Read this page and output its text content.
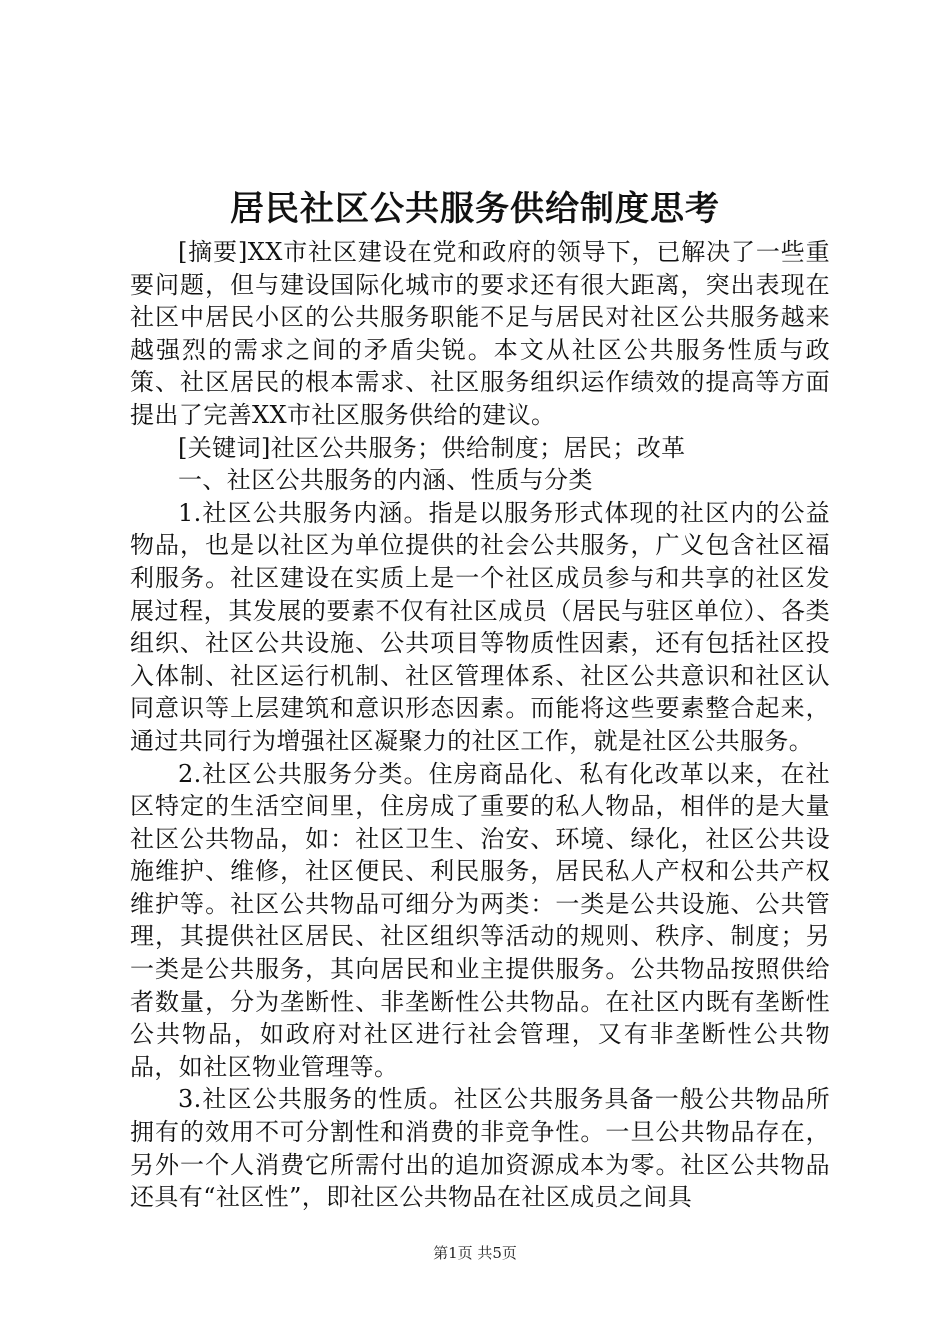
居民社区公共服务供给制度思考

[摘要]XX市社区建设在党和政府的领导下，已解决了一些重要问题，但与建设国际化城市的要求还有很大距离，突出表现在社区中居民小区的公共服务职能不足与居民对社区公共服务越来越强烈的需求之间的矛盾尖锐。本文从社区公共服务性质与政策、社区居民的根本需求、社区服务组织运作绩效的提高等方面提出了完善XX市社区服务供给的建议。

[关键词]社区公共服务；供给制度；居民；改革

一、社区公共服务的内涵、性质与分类

1.社区公共服务内涵。指是以服务形式体现的社区内的公益物品，也是以社区为单位提供的社会公共服务，广义包含社区福利服务。社区建设在实质上是一个社区成员参与和共享的社区发展过程，其发展的要素不仅有社区成员（居民与驻区单位）、各类组织、社区公共设施、公共项目等物质性因素，还有包括社区投入体制、社区运行机制、社区管理体系、社区公共意识和社区认同意识等上层建筑和意识形态因素。而能将这些要素整合起来，通过共同行为增强社区凝聚力的社区工作，就是社区公共服务。

2.社区公共服务分类。住房商品化、私有化改革以来，在社区特定的生活空间里，住房成了重要的私人物品，相伴的是大量社区公共物品，如：社区卫生、治安、环境、绿化，社区公共设施维护、维修，社区便民、利民服务，居民私人产权和公共产权维护等。社区公共物品可细分为两类：一类是公共设施、公共管理，其提供社区居民、社区组织等活动的规则、秩序、制度；另一类是公共服务，其向居民和业主提供服务。公共物品按照供给者数量，分为垄断性、非垄断性公共物品。在社区内既有垄断性公共物品，如政府对社区进行社会管理，又有非垄断性公共物品，如社区物业管理等。

3.社区公共服务的性质。社区公共服务具备一般公共物品所拥有的效用不可分割性和消费的非竞争性。一旦公共物品存在，另外一个人消费它所需付出的追加资源成本为零。社区公共物品还具有“社区性”，即社区公共物品在社区成员之间具

第1页 共5页
